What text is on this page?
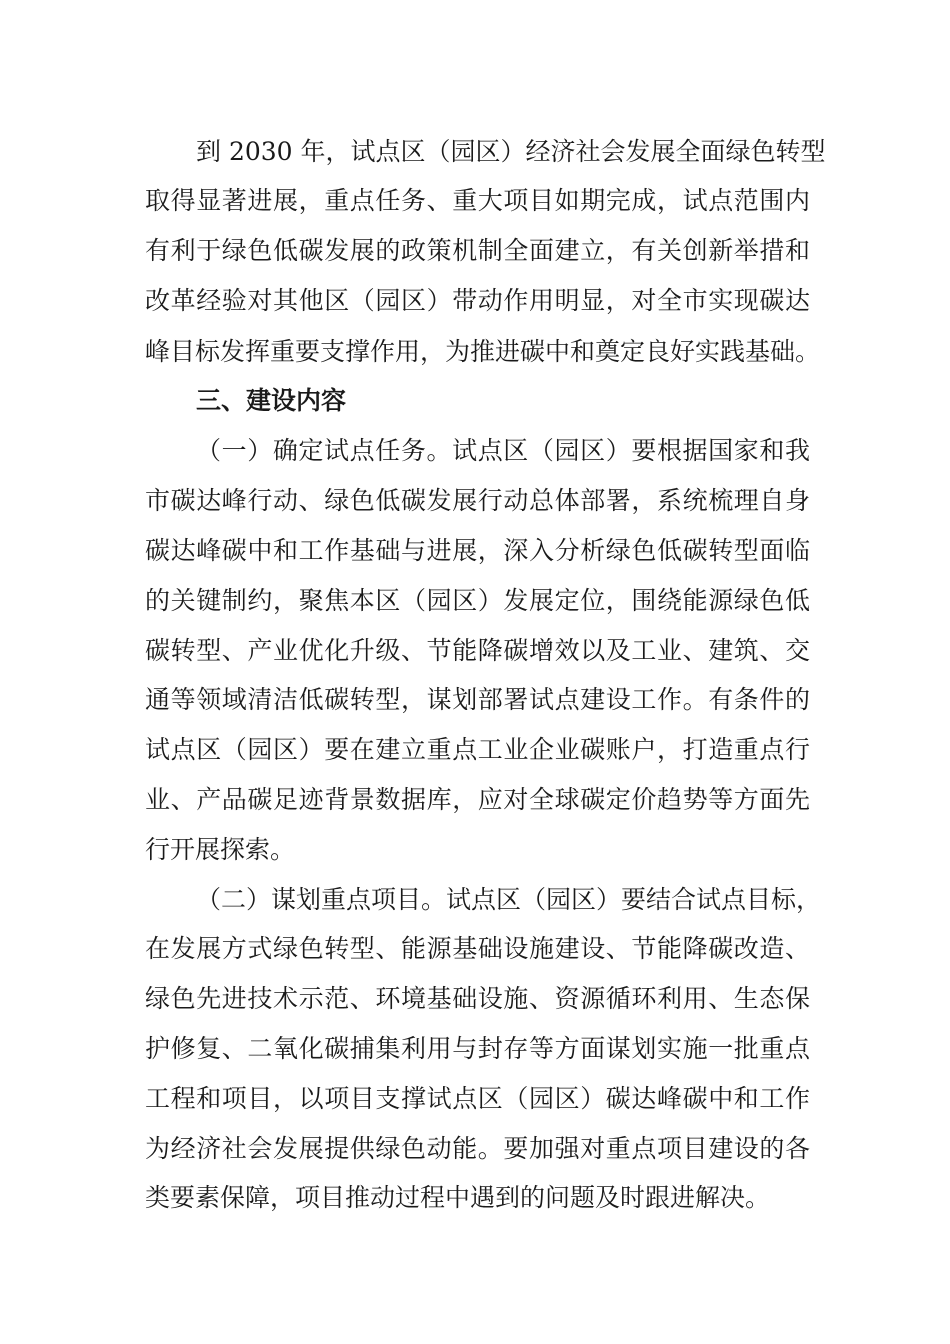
到 2030 年，试点区（园区）经济社会发展全面绿色转型
取得显著进展，重点任务、重大项目如期完成，试点范围内
有利于绿色低碳发展的政策机制全面建立，有关创新举措和
改革经验对其他区（园区）带动作用明显，对全市实现碳达
峰目标发挥重要支撑作用，为推进碳中和奠定良好实践基础。
三、建设内容
（一）确定试点任务。试点区（园区）要根据国家和我
市碳达峰行动、绿色低碳发展行动总体部署，系统梳理自身
碳达峰碳中和工作基础与进展，深入分析绿色低碳转型面临
的关键制约，聚焦本区（园区）发展定位，围绕能源绿色低
碳转型、产业优化升级、节能降碳增效以及工业、建筑、交
通等领域清洁低碳转型，谋划部署试点建设工作。有条件的
试点区（园区）要在建立重点工业企业碳账户，打造重点行
业、产品碳足迹背景数据库，应对全球碳定价趋势等方面先
行开展探索。
（二）谋划重点项目。试点区（园区）要结合试点目标，
在发展方式绿色转型、能源基础设施建设、节能降碳改造、
绿色先进技术示范、环境基础设施、资源循环利用、生态保
护修复、二氧化碳捕集利用与封存等方面谋划实施一批重点
工程和项目，以项目支撑试点区（园区）碳达峰碳中和工作
为经济社会发展提供绿色动能。要加强对重点项目建设的各
类要素保障，项目推动过程中遇到的问题及时跟进解决。
